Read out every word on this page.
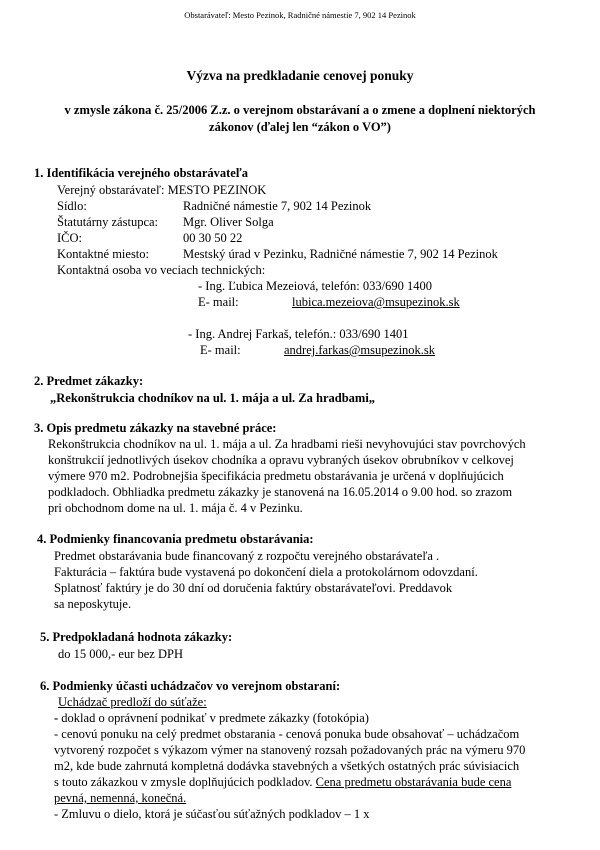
Obstarávateľ: Mesto Pezinok, Radničné námestie 7, 902 14 Pezinok
Výzva na predkladanie cenovej ponuky
v zmysle zákona č. 25/2006 Z.z. o verejnom obstarávaní a o zmene a doplnení niektorých
zákonov (ďalej len “zákon o VO”)
1. Identifikácia verejného obstarávateľa
Verejný obstarávateľ: MESTO PEZINOK
Sídlo:	Radničné námestie 7, 902 14 Pezinok
Štatutárny zástupca: Mgr. Oliver Solga
IČO:	00 30 50 22
Kontaktné miesto:	Mestský úrad v Pezinku, Radničné námestie 7, 902 14 Pezinok
Kontaktná osoba vo veciach technických:
- Ing. Ľubica Mezeiová, telefón: 033/690 1400
E- mail:	lubica.mezeiova@msupezinok.sk
- Ing. Andrej Farkaš, telefón.: 033/690 1401
E- mail:	andrej.farkas@msupezinok.sk
2. Predmet zákazky:
„Rekonštrukcia chodníkov na ul. 1. mája a ul. Za hradbami„
3. Opis predmetu zákazky na stavebné práce:
Rekonštrukcia chodníkov na ul. 1. mája a ul. Za hradbami rieši nevyhovujúci stav povrchových
konštrukcií jednotlivých úsekov chodníka a opravu vybraných úsekov obrubníkov v celkovej
výmere 970 m2. Podrobnejšia špecifikácia predmetu obstarávania je určená v doplňujúcich
podkladoch. Obhliadka predmetu zákazky je stanovená na 16.05.2014 o 9.00 hod. so zrazom
pri obchodnom dome na ul. 1. mája č. 4 v Pezinku.
4. Podmienky financovania predmetu obstarávania:
Predmet obstarávania bude financovaný z rozpočtu verejného obstarávateľa .
Fakturácia – faktúra bude vystavená po dokončení diela a protokolárnom odovzdaní.
Splatnosť faktúry je do 30 dní od doručenia faktúry obstarávateľovi. Preddavok
sa neposkytuje.
5. Predpokladaná hodnota zákazky:
do 15 000,- eur bez DPH
6. Podmienky účasti uchádzačov vo verejnom obstaraní:
Uchádzač predloží do súťaže:
- doklad o oprávnení podnikať v predmete zákazky (fotokópia)
- cenovú ponuku na celý predmet obstarania - cenová ponuka bude obsahovať – uchádzačom
vytvorený rozpočet s výkazom výmer na stanovený rozsah požadovaných prác na výmeru 970
m2, kde bude zahrnutá kompletná dodávka stavebných a všetkých ostatných prác súvisiacich
s touto zákazkou v zmysle doplňujúcich podkladov. Cena predmetu obstarávania bude cena
pevná, nemenná, konečná.
- Zmluvu o dielo, ktorá je súčasťou súťažných podkladov – 1 x
